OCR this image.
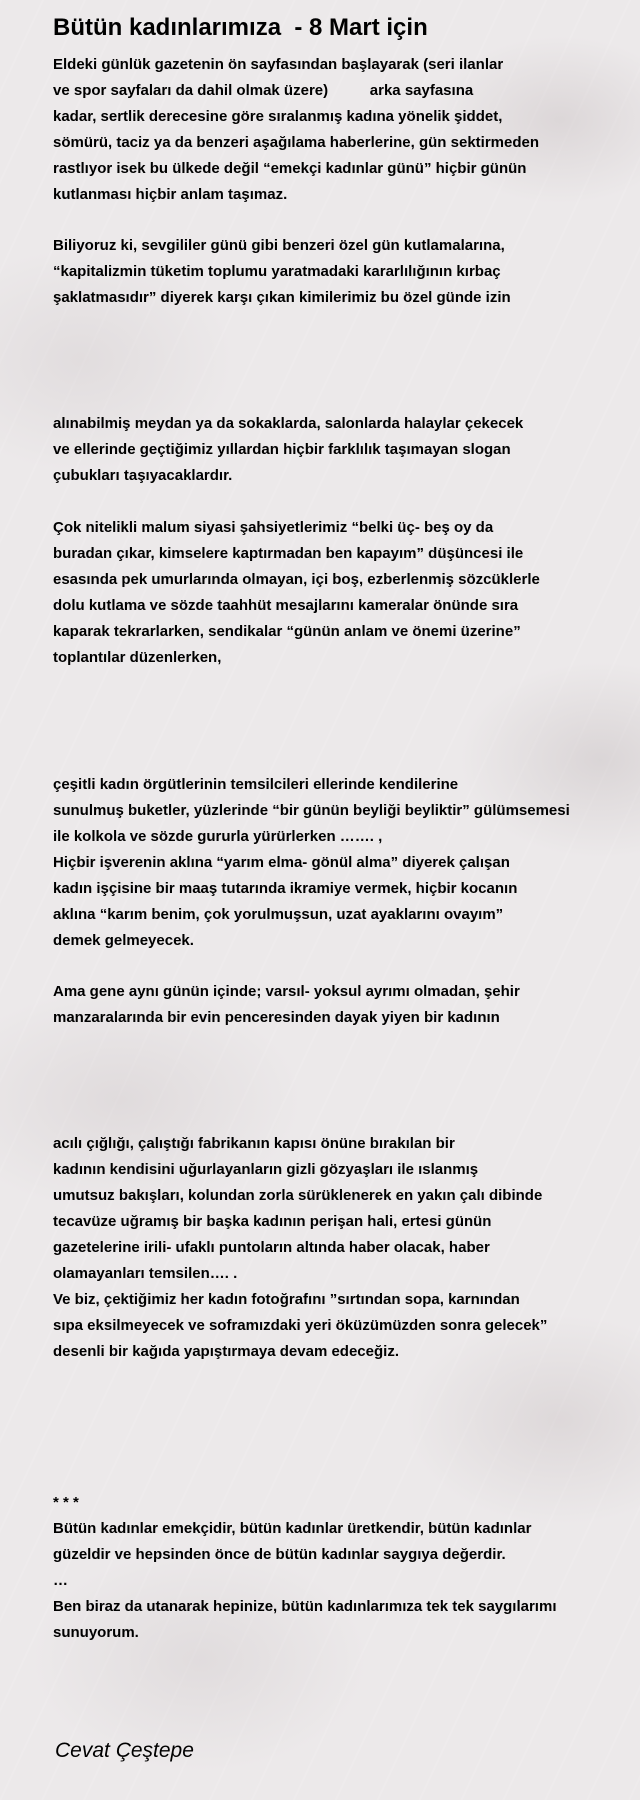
Bütün kadınlarımıza  - 8 Mart için
Eldeki günlük gazetenin ön sayfasından başlayarak (seri ilanlar
ve spor sayfaları da dahil olmak üzere)          arka sayfasına
kadar, sertlik derecesine göre sıralanmış kadına yönelik şiddet,
sömürü, taciz ya da benzeri aşağılama haberlerine, gün sektirmeden
rastlıyor isek bu ülkede değil “emekçi kadınlar günü” hiçbir günün
kutlanması hiçbir anlam taşımaz.
Biliyoruz ki, sevgililer günü gibi benzeri özel gün kutlamalarına,
“kapitalizmin tüketim toplumu yaratmadaki kararlılığının kırbaç
şaklatmasıdır” diyerek karşı çıkan kimilerimiz bu özel günde izin
alınabilmiş meydan ya da sokaklarda, salonlarda halaylar çekecek
ve ellerinde geçtiğimiz yıllardan hiçbir farklılık taşımayan slogan
çubukları taşıyacaklardır.
Çok nitelikli malum siyasi şahsiyetlerimiz “belki üç- beş oy da
buradan çıkar, kimselere kaptırmadan ben kapayım” düşüncesi ile
esasında pek umurlarında olmayan, içi boş, ezberlenmiş sözcüklerle
dolu kutlama ve sözde taahhüt mesajlarını kameralar önünde sıra
kaparak tekrarlarken, sendikalar “günün anlam ve önemi üzerine”
toplantılar düzenlerken,
çeşitli kadın örgütlerinin temsilcileri ellerinde kendilerine
sunulmuş buketler, yüzlerinde “bir günün beyliği beyliktir” gülümsemesi
ile kolkola ve sözde gururla yürürlerken ……. ,
Hiçbir işverenin aklına “yarım elma- gönül alma” diyerek çalışan
kadın işçisine bir maaş tutarında ikramiye vermek, hiçbir kocanın
aklına “karım benim, çok yorulmuşsun, uzat ayaklarını ovayım”
demek gelmeyecek.
Ama gene aynı günün içinde; varsıl- yoksul ayrımı olmadan, şehir
manzaralarında bir evin penceresinden dayak yiyen bir kadının
acılı çığlığı, çalıştığı fabrikanın kapısı önüne bırakılan bir
kadının kendisini uğurlayanların gizli gözyaşları ile ıslanmış
umutsuz bakışları, kolundan zorla sürüklenerek en yakın çalı dibinde
tecavüze uğramış bir başka kadının perişan hali, ertesi günün
gazetelerine irili- ufaklı puntoların altında haber olacak, haber
olamayanları temsilen…. .
Ve biz, çektiğimiz her kadın fotoğrafını ”sırtından sopa, karnından
sıpa eksilmeyecek ve soframızdaki yeri öküzümüzden sonra gelecek”
desenli bir kağıda yapıştırmaya devam edeceğiz.
* * *
Bütün kadınlar emekçidir, bütün kadınlar üretkendir, bütün kadınlar
güzeldir ve hepsinden önce de bütün kadınlar saygıya değerdir.
…
Ben biraz da utanarak hepinize, bütün kadınlarımıza tek tek saygılarımı
sunuyorum.

Cevat Çeştepe
